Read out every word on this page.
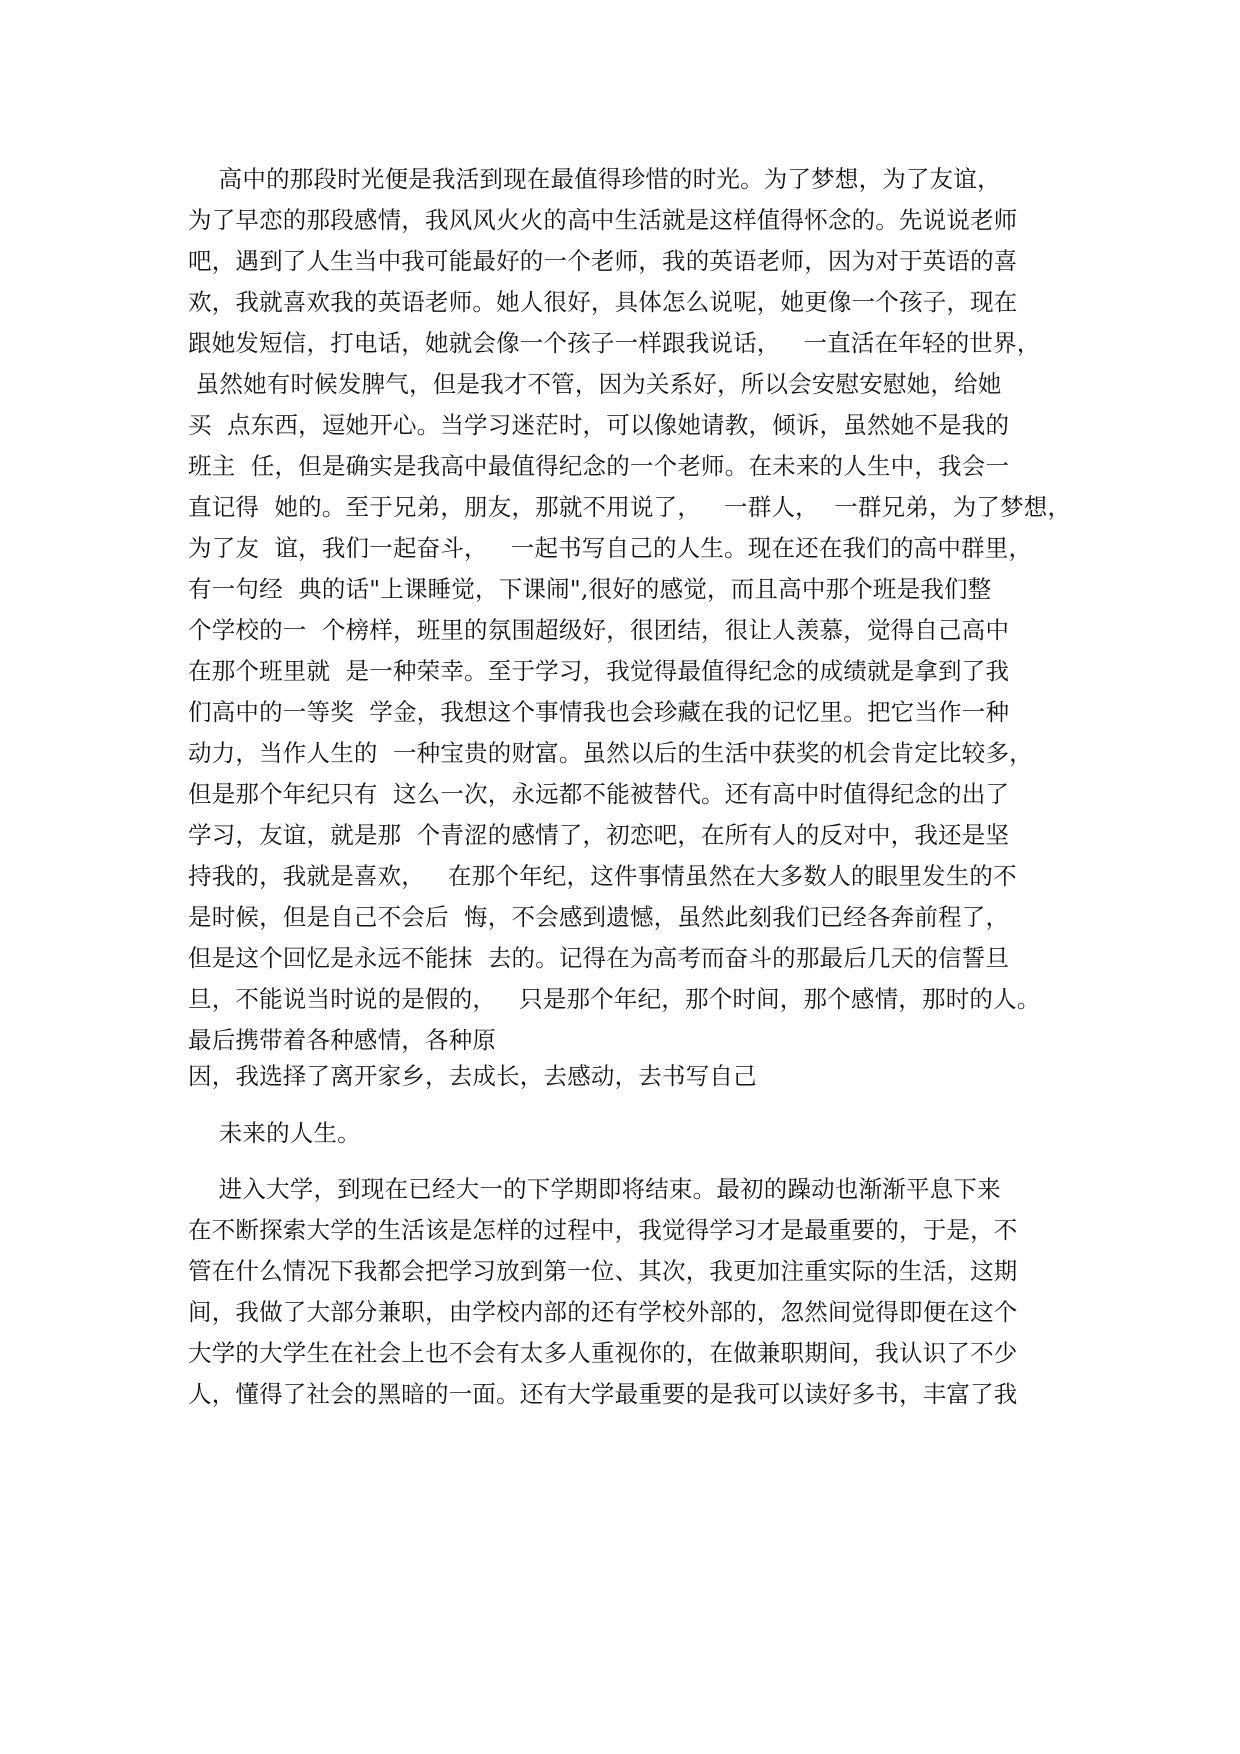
高中的那段时光便是我活到现在最值得珍惜的时光。为了梦想，为了友谊，
为了早恋的那段感情，我风风火火的高中生活就是这样值得怀念的。先说说老师
吧，遇到了人生当中我可能最好的一个老师，我的英语老师，因为对于英语的喜
欢，我就喜欢我的英语老师。她人很好，具体怎么说呢，她更像一个孩子，现在
跟她发短信，打电话，她就会像一个孩子一样跟我说话，   一直活在年轻的世界，
虽然她有时候发脾气，但是我才不管，因为关系好，所以会安慰安慰她，给她
买  点东西，逗她开心。当学习迷茫时，可以像她请教，倾诉，虽然她不是我的
班主  任，但是确实是我高中最值得纪念的一个老师。在未来的人生中，我会一
直记得  她的。至于兄弟，朋友，那就不用说了，   一群人，  一群兄弟，为了梦想，
为了友  谊，我们一起奋斗，   一起书写自己的人生。现在还在我们的高中群里，
有一句经  典的话"上课睡觉，下课闹",很好的感觉，而且高中那个班是我们整
个学校的一  个榜样，班里的氛围超级好，很团结，很让人羡慕，觉得自己高中
在那个班里就  是一种荣幸。至于学习，我觉得最值得纪念的成绩就是拿到了我
们高中的一等奖  学金，我想这个事情我也会珍藏在我的记忆里。把它当作一种
动力，当作人生的  一种宝贵的财富。虽然以后的生活中获奖的机会肯定比较多，
但是那个年纪只有  这么一次，永远都不能被替代。还有高中时值得纪念的出了
学习，友谊，就是那  个青涩的感情了，初恋吧，在所有人的反对中，我还是坚
持我的，我就是喜欢，   在那个年纪，这件事情虽然在大多数人的眼里发生的不
是时候，但是自己不会后  悔，不会感到遗憾，虽然此刻我们已经各奔前程了，
但是这个回忆是永远不能抹  去的。记得在为高考而奋斗的那最后几天的信誓旦
旦，不能说当时说的是假的，   只是那个年纪，那个时间，那个感情，那时的人。
最后携带着各种感情，各种原
因，我选择了离开家乡，去成长，去感动，去书写自己
未来的人生。
进入大学，到现在已经大一的下学期即将结束。最初的躁动也渐渐平息下来
在不断探索大学的生活该是怎样的过程中，我觉得学习才是最重要的，于是，不
管在什么情况下我都会把学习放到第一位、其次，我更加注重实际的生活，这期
间，我做了大部分兼职，由学校内部的还有学校外部的，忽然间觉得即便在这个
大学的大学生在社会上也不会有太多人重视你的，在做兼职期间，我认识了不少
人，懂得了社会的黑暗的一面。还有大学最重要的是我可以读好多书，丰富了我
